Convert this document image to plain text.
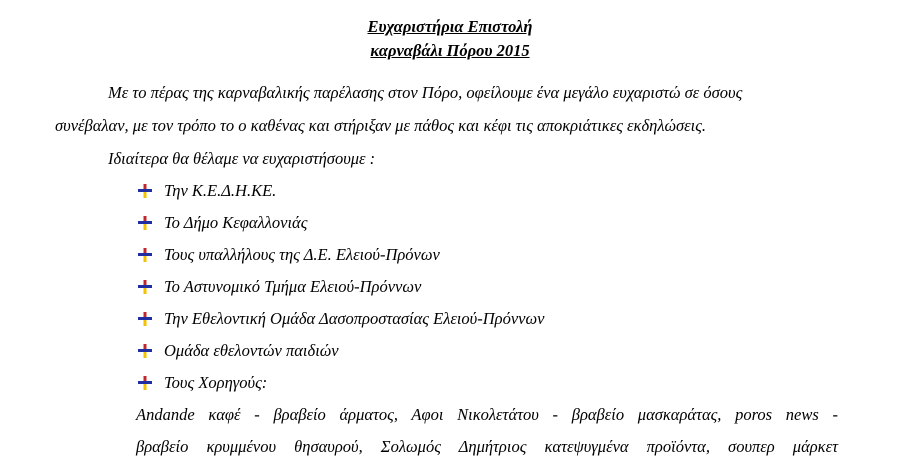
Ευχαριστήρια Επιστολή
καρναβάλι Πόρου 2015
Με το πέρας της καρναβαλικής παρέλασης στον Πόρο, οφείλουμε ένα μεγάλο ευχαριστώ σε όσους
συνέβαλαν, με τον τρόπο το ο καθένας και στήριξαν με πάθος και κέφι τις αποκριάτικες εκδηλώσεις.
Ιδιαίτερα θα θέλαμε να ευχαριστήσουμε :
Την Κ.Ε.Δ.Η.ΚΕ.
Το Δήμο Κεφαλλονιάς
Τους υπαλλήλους της Δ.Ε. Ελειού-Πρόνων
Το Αστυνομικό Τμήμα Ελειού-Πρόννων
Την Εθελοντική Ομάδα Δασοπροστασίας Ελειού-Πρόννων
Ομάδα εθελοντών παιδιών
Τους Χορηγούς:
Andande καφέ - βραβείο άρματος, Αφοι Νικολετάτου - βραβείο μασκαράτας, poros news -
βραβείο κρυμμένου θησαυρού, Σολωμός Δημήτριος κατεψυγμένα προϊόντα, σουπερ μάρκετ
